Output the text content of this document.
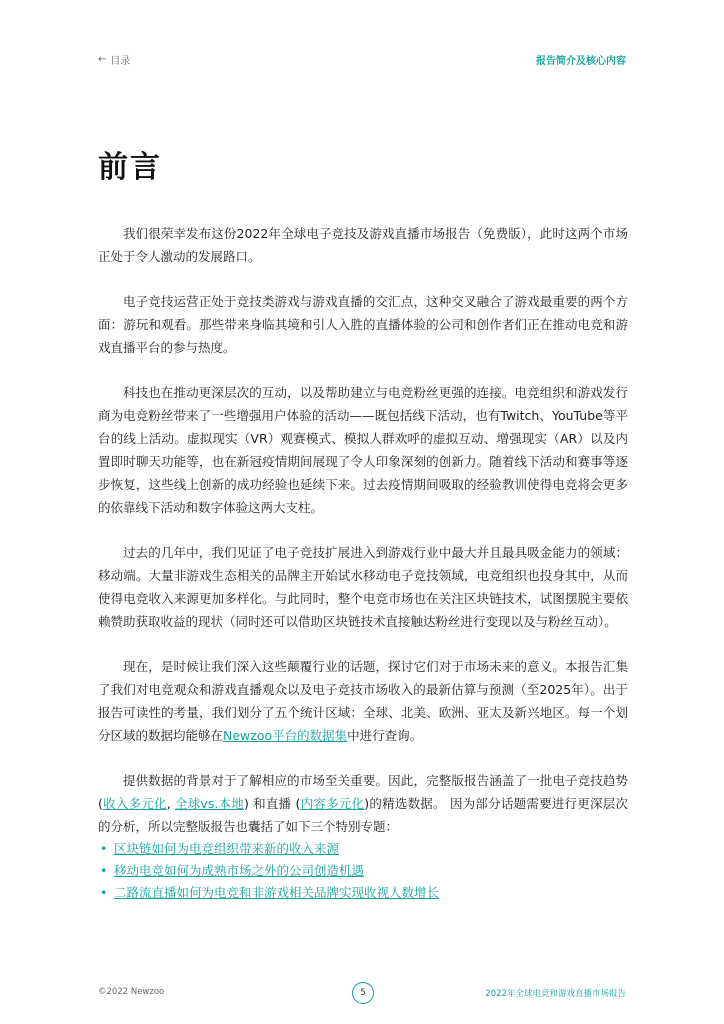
← 目录	报告简介及核心内容
前言

我们很荣幸发布这份2022年全球电子竞技及游戏直播市场报告（免费版），此时这两个市场正处于令人激动的发展路口。

电子竞技运营正处于竞技类游戏与游戏直播的交汇点，这种交叉融合了游戏最重要的两个方面：游玩和观看。那些带来身临其境和引人入胜的直播体验的公司和创作者们正在推动电竞和游戏直播平台的参与热度。

科技也在推动更深层次的互动，以及帮助建立与电竞粉丝更强的连接。电竞组织和游戏发行商为电竞粉丝带来了一些增强用户体验的活动——既包括线下活动，也有Twitch、YouTube等平台的线上活动。虚拟现实（VR）观赛模式、模拟人群欢呼的虚拟互动、增强现实（AR）以及内置即时聊天功能等，也在新冠疫情期间展现了令人印象深刻的创新力。随着线下活动和赛事等逐步恢复，这些线上创新的成功经验也延续下来。过去疫情期间吸取的经验教训使得电竞将会更多的依靠线下活动和数字体验这两大支柱。

过去的几年中，我们见证了电子竞技扩展进入到游戏行业中最大并且最具吸金能力的领域：移动端。大量非游戏生态相关的品牌主开始试水移动电子竞技领域，电竞组织也投身其中，从而使得电竞收入来源更加多样化。与此同时，整个电竞市场也在关注区块链技术，试图摆脱主要依赖赞助获取收益的现状（同时还可以借助区块链技术直接触达粉丝进行变现以及与粉丝互动）。

现在，是时候让我们深入这些颠覆行业的话题，探讨它们对于市场未来的意义。本报告汇集了我们对电竞观众和游戏直播观众以及电子竞技市场收入的最新估算与预测（至2025年）。出于报告可读性的考量，我们划分了五个统计区域：全球、北美、欧洲、亚太及新兴地区。每一个划分区域的数据均能够在Newzoo平台的数据集中进行查询。

提供数据的背景对于了解相应的市场至关重要。因此，完整版报告涵盖了一批电子竞技趋势 (收入多元化, 全球vs.本地) 和直播 (内容多元化)的精选数据。 因为部分话题需要进行更深层次的分析，所以完整版报告也囊括了如下三个特别专题：

• 区块链如何为电竞组织带来新的收入来源
• 移动电竞如何为成熟市场之外的公司创造机遇
• 二路流直播如何为电竞和非游戏相关品牌实现收视人数增长
©2022 Newzoo	5	2022年全球电竞和游戏直播市场报告
